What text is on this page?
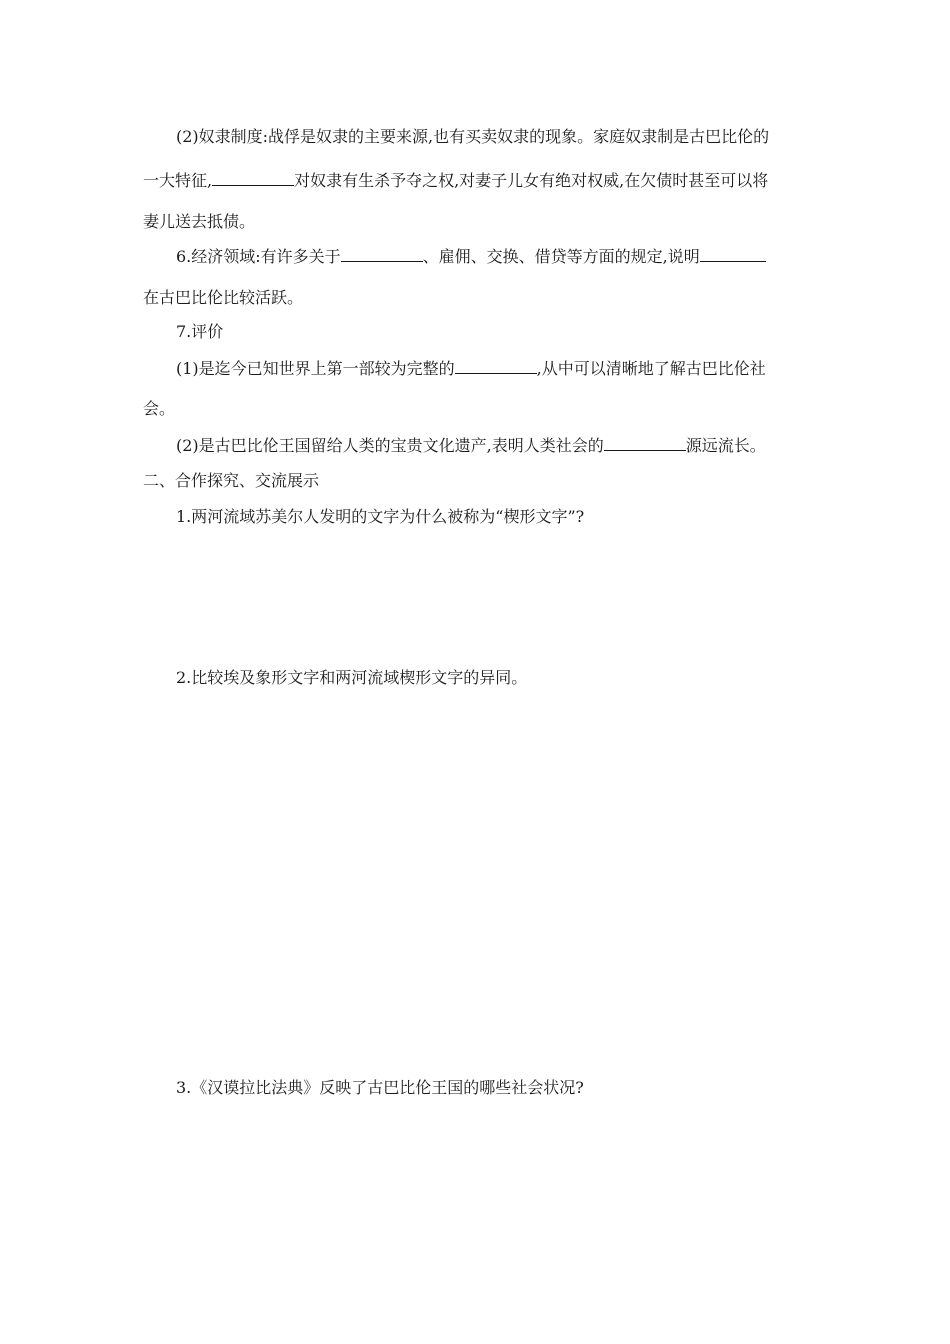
(2)奴隶制度:战俘是奴隶的主要来源,也有买卖奴隶的现象。家庭奴隶制是古巴比伦的
一大特征,	对奴隶有生杀予夺之权,对妻子儿女有绝对权威,在欠债时甚至可以将
妻儿送去抵债。
6.经济领域:有许多关于	、雇佣、交换、借贷等方面的规定,说明
在古巴比伦比较活跃。
7.评价
(1)是迄今已知世界上第一部较为完整的	,从中可以清晰地了解古巴比伦社
会。
(2)是古巴比伦王国留给人类的宝贵文化遗产,表明人类社会的	源远流长。
二、合作探究、交流展示
1.两河流域苏美尔人发明的文字为什么被称为“楔形文字”?
2.比较埃及象形文字和两河流域楔形文字的异同。
3.《汉谟拉比法典》反映了古巴比伦王国的哪些社会状况?
